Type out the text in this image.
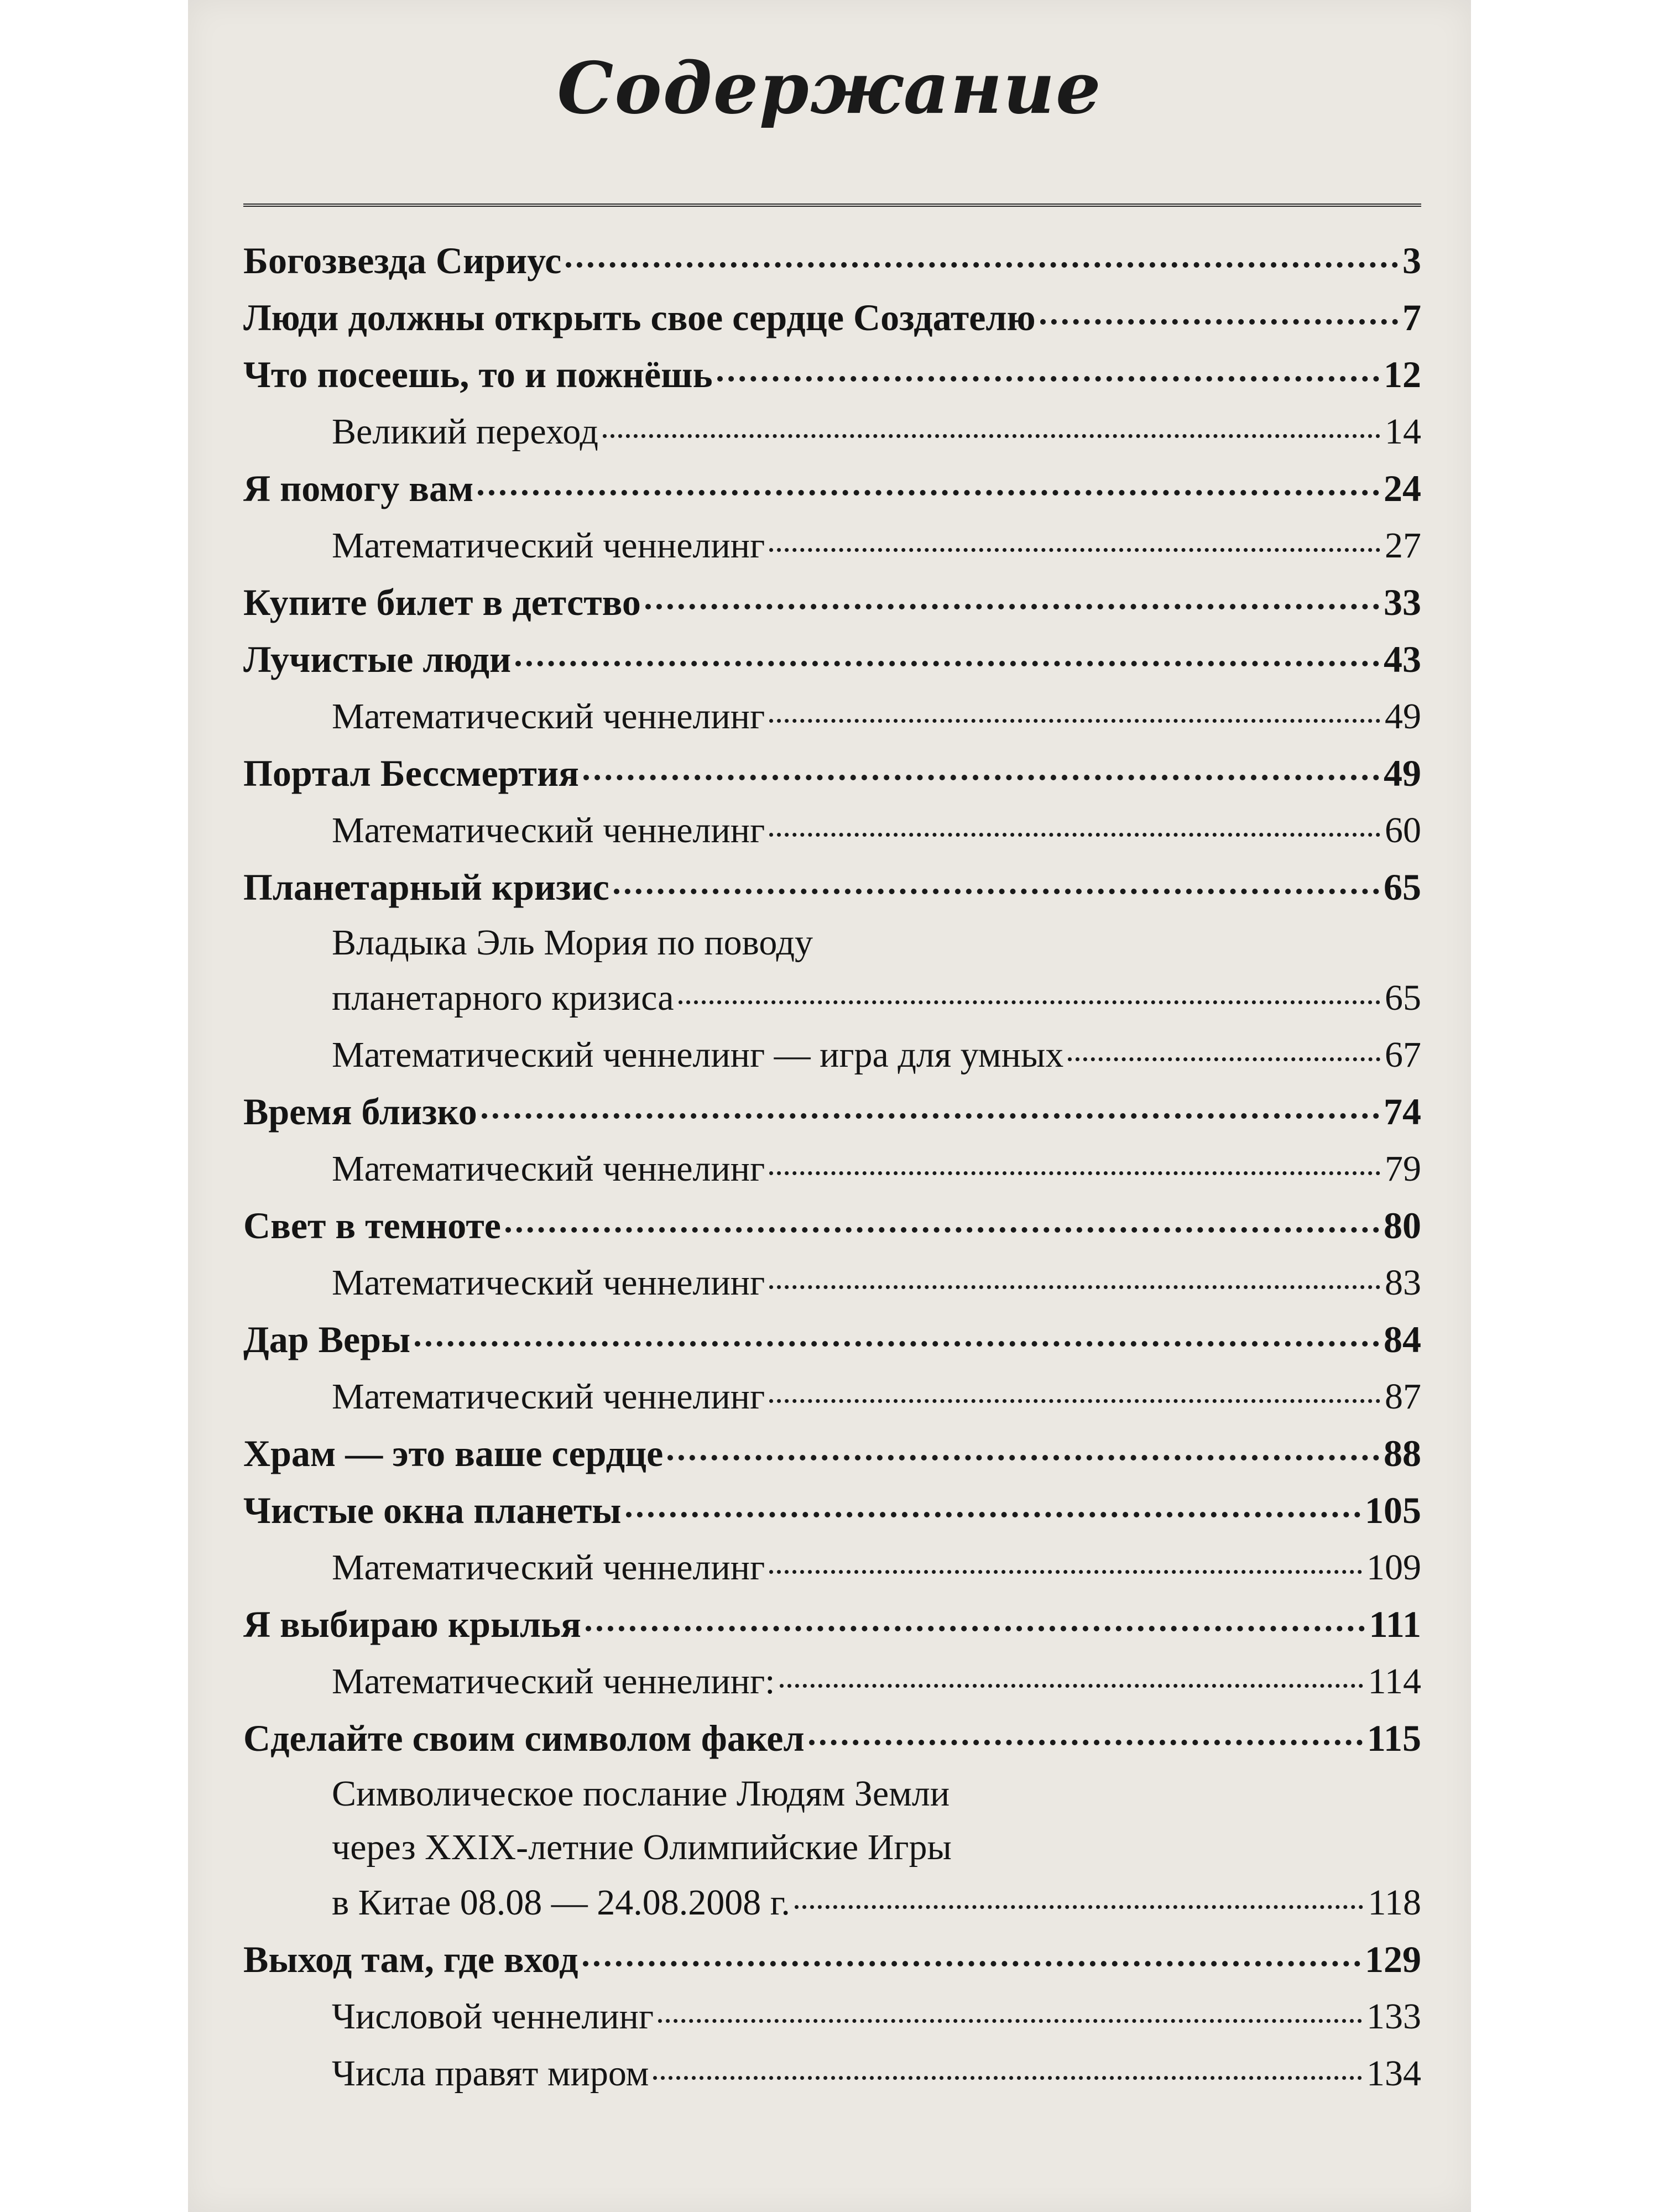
Содержание
Богозвезда Сириус	3
Люди должны открыть свое сердце Создателю	7
Что посеешь, то и пожнёшь	12
Великий переход	14
Я помогу вам	24
Математический ченнелинг	27
Купите билет в детство	33
Лучистые люди	43
Математический ченнелинг	49
Портал Бессмертия	49
Математический ченнелинг	60
Планетарный кризис	65
Владыка Эль Мория по поводу
планетарного кризиса	65
Математический ченнелинг — игра для умных	67
Время близко	74
Математический ченнелинг	79
Свет в темноте	80
Математический ченнелинг	83
Дар Веры	84
Математический ченнелинг	87
Храм — это ваше сердце	88
Чистые окна планеты	105
Математический ченнелинг	109
Я выбираю крылья	111
Математический ченнелинг:	114
Сделайте своим символом факел	115
Символическое послание Людям Земли
через XXIX-летние Олимпийские Игры
в Китае 08.08 — 24.08.2008 г.	118
Выход там, где вход	129
Числовой ченнелинг	133
Числа правят миром	134
